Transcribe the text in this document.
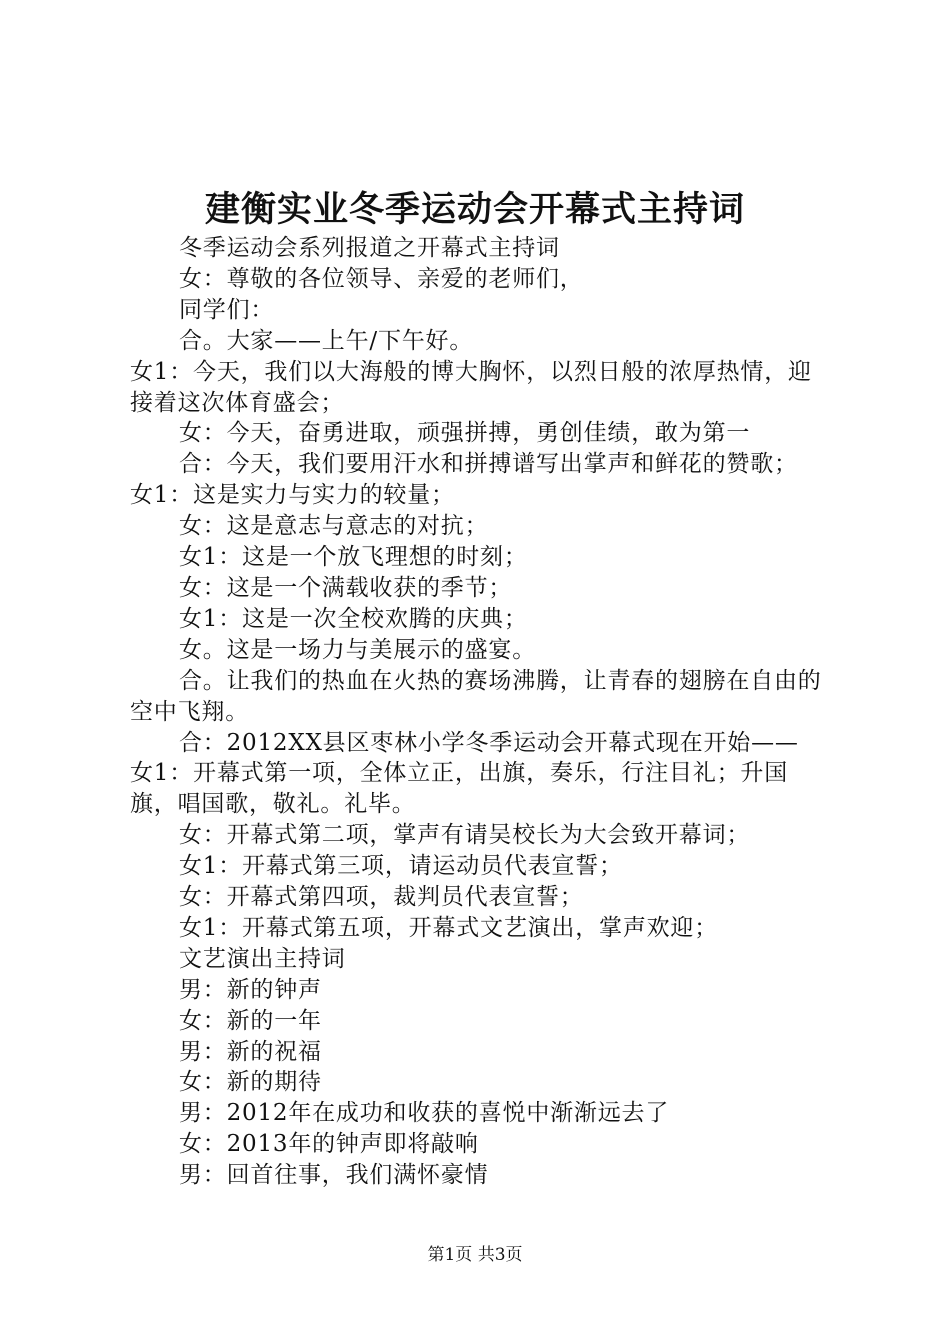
建衡实业冬季运动会开幕式主持词

冬季运动会系列报道之开幕式主持词

女：尊敬的各位领导、亲爱的老师们，

同学们：

合。大家——上午/下午好。

女1：今天，我们以大海般的博大胸怀，以烈日般的浓厚热情，迎接着这次体育盛会；

女：今天，奋勇进取，顽强拼搏，勇创佳绩，敢为第一

合：今天，我们要用汗水和拼搏谱写出掌声和鲜花的赞歌；

女1：这是实力与实力的较量；

女：这是意志与意志的对抗；

女1：这是一个放飞理想的时刻；

女：这是一个满载收获的季节；

女1：这是一次全校欢腾的庆典；

女。这是一场力与美展示的盛宴。

合。让我们的热血在火热的赛场沸腾，让青春的翅膀在自由的空中飞翔。

合：2012XX县区枣林小学冬季运动会开幕式现在开始——

女1：开幕式第一项，全体立正，出旗，奏乐，行注目礼；升国旗，唱国歌，敬礼。礼毕。

女：开幕式第二项，掌声有请吴校长为大会致开幕词；

女1：开幕式第三项，请运动员代表宣誓；

女：开幕式第四项，裁判员代表宣誓；

女1：开幕式第五项，开幕式文艺演出，掌声欢迎；

文艺演出主持词

男：新的钟声

女：新的一年

男：新的祝福

女：新的期待

男：2012年在成功和收获的喜悦中渐渐远去了

女：2013年的钟声即将敲响

男：回首往事，我们满怀豪情

第1页 共3页
